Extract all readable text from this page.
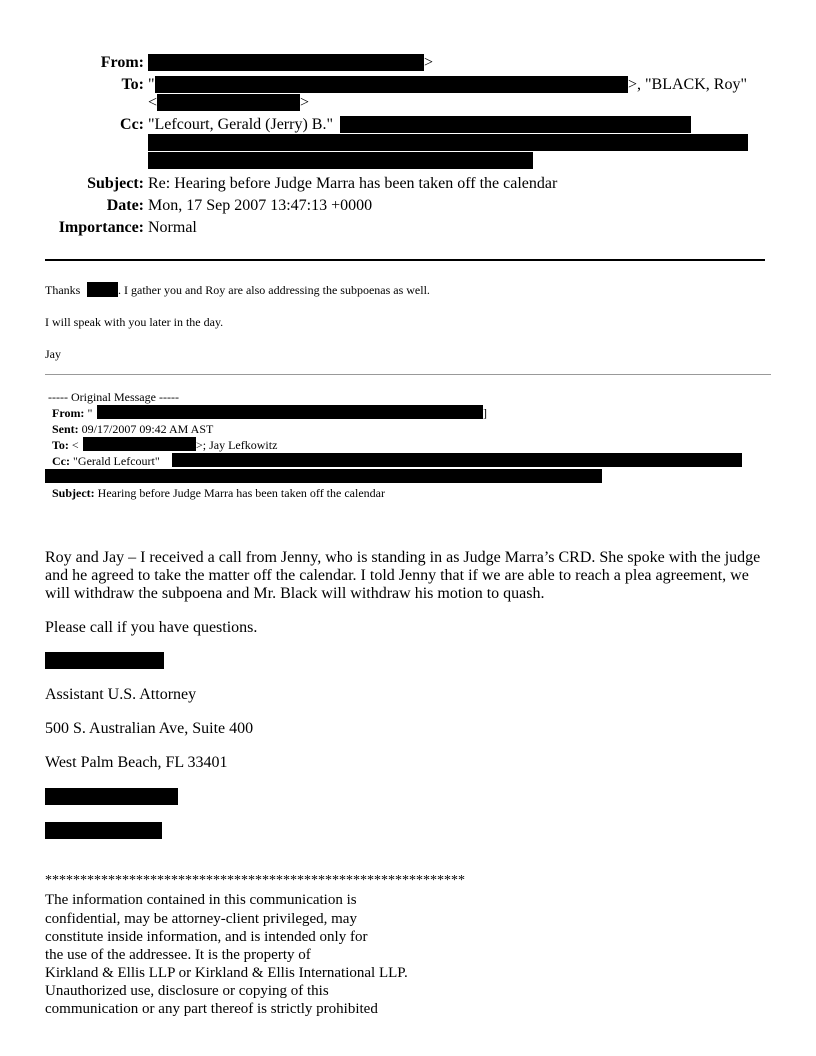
From:	>
To: "	>, "BLACK, Roy"
<	>
Cc: "Lefcourt, Gerald (Jerry) B."
Subject: Re: Hearing before Judge Marra has been taken off the calendar
Date: Mon, 17 Sep 2007 13:47:13 +0000
Importance: Normal
Thanks	. I gather you and Roy are also addressing the subpoenas as well.
I will speak with you later in the day.
Jay
----- Original Message -----
From: "	]
Sent: 09/17/2007 09:42 AM AST
To: <	>; Jay Lefkowitz
Cc: "Gerald Lefcourt"
Subject: Hearing before Judge Marra has been taken off the calendar
Roy and Jay – I received a call from Jenny, who is standing in as Judge Marra’s CRD. She spoke with the judge
and he agreed to take the matter off the calendar. I told Jenny that if we are able to reach a plea agreement, we
will withdraw the subpoena and Mr. Black will withdraw his motion to quash.
Please call if you have questions.
Assistant U.S. Attorney
500 S. Australian Ave, Suite 400
West Palm Beach, FL 33401
************************************************************
The information contained in this communication is
confidential, may be attorney-client privileged, may
constitute inside information, and is intended only for
the use of the addressee. It is the property of
Kirkland & Ellis LLP or Kirkland & Ellis International LLP.
Unauthorized use, disclosure or copying of this
communication or any part thereof is strictly prohibited
